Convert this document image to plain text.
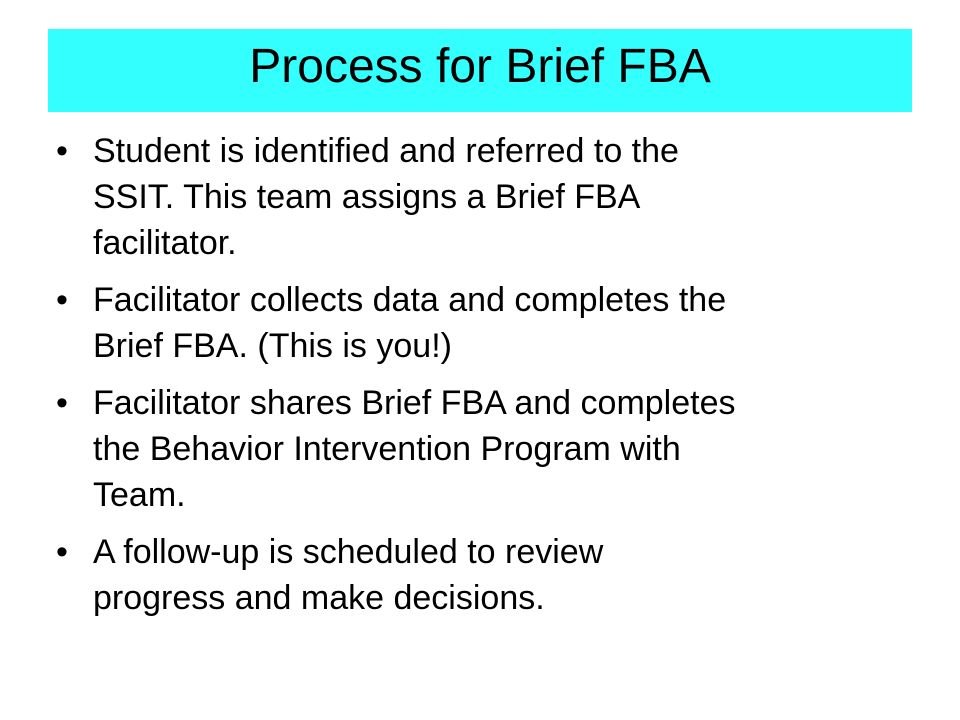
Process for Brief FBA
• Student is identified and referred to the
SSIT. This team assigns a Brief FBA
facilitator.
• Facilitator collects data and completes the
Brief FBA. (This is you!)
• Facilitator shares Brief FBA and completes
the Behavior Intervention Program with
Team.
• A follow-up is scheduled to review
progress and make decisions.
